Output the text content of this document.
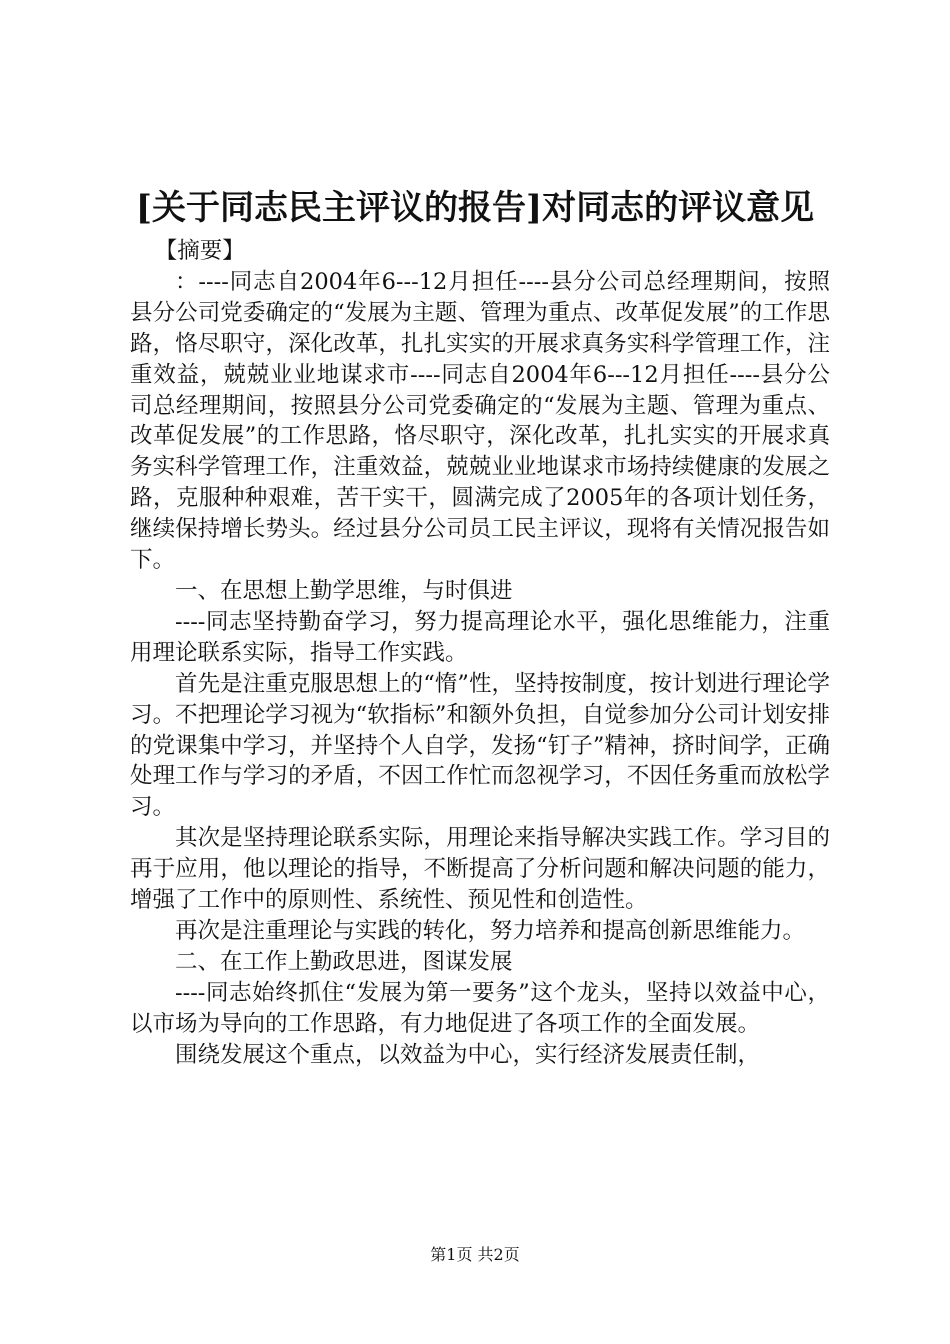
[关于同志民主评议的报告]对同志的评议意见

【摘要】

：----同志自2004年6---12月担任----县分公司总经理期间，按照县分公司党委确定的“发展为主题、管理为重点、改革促发展”的工作思路，恪尽职守，深化改革，扎扎实实的开展求真务实科学管理工作，注重效益，兢兢业业地谋求市----同志自2004年6---12月担任----县分公司总经理期间，按照县分公司党委确定的“发展为主题、管理为重点、改革促发展”的工作思路，恪尽职守，深化改革，扎扎实实的开展求真务实科学管理工作，注重效益，兢兢业业地谋求市场持续健康的发展之路，克服种种艰难，苦干实干，圆满完成了2005年的各项计划任务，继续保持增长势头。经过县分公司员工民主评议，现将有关情况报告如下。

一、在思想上勤学思维，与时俱进

----同志坚持勤奋学习，努力提高理论水平，强化思维能力，注重用理论联系实际，指导工作实践。

首先是注重克服思想上的“惰”性，坚持按制度，按计划进行理论学习。不把理论学习视为“软指标”和额外负担，自觉参加分公司计划安排的党课集中学习，并坚持个人自学，发扬“钉子”精神，挤时间学，正确处理工作与学习的矛盾，不因工作忙而忽视学习，不因任务重而放松学习。

其次是坚持理论联系实际，用理论来指导解决实践工作。学习目的再于应用，他以理论的指导，不断提高了分析问题和解决问题的能力，增强了工作中的原则性、系统性、预见性和创造性。

再次是注重理论与实践的转化，努力培养和提高创新思维能力。

二、在工作上勤政思进，图谋发展

----同志始终抓住“发展为第一要务”这个龙头，坚持以效益中心，以市场为导向的工作思路，有力地促进了各项工作的全面发展。

围绕发展这个重点，以效益为中心，实行经济发展责任制，

第1页 共2页
